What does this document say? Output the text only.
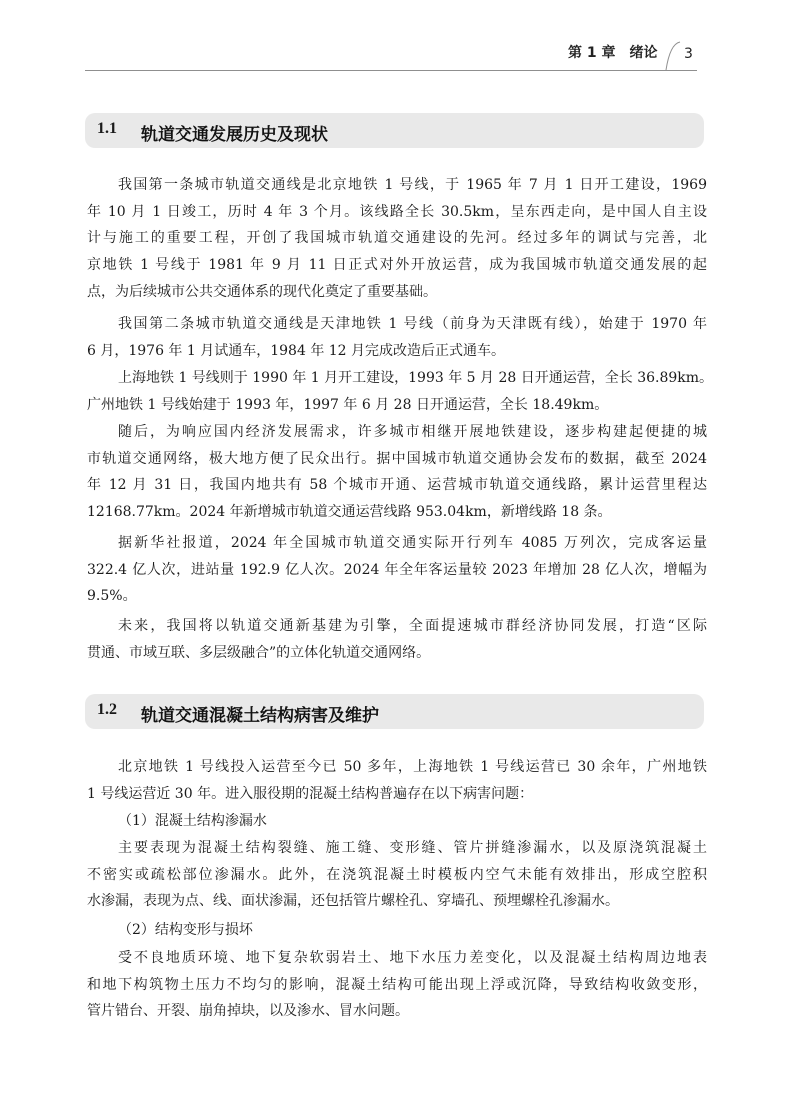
第 1 章　绪论 3
1.1 轨道交通发展历史及现状
我国第一条城市轨道交通线是北京地铁 1 号线，于 1965 年 7 月 1 日开工建设，1969
年 10 月 1 日竣工，历时 4 年 3 个月。该线路全长 30.5km，呈东西走向，是中国人自主设
计与施工的重要工程，开创了我国城市轨道交通建设的先河。经过多年的调试与完善，北
京地铁 1 号线于 1981 年 9 月 11 日正式对外开放运营，成为我国城市轨道交通发展的起
点，为后续城市公共交通体系的现代化奠定了重要基础。
我国第二条城市轨道交通线是天津地铁 1 号线（前身为天津既有线），始建于 1970 年
6 月，1976 年 1 月试通车，1984 年 12 月完成改造后正式通车。
上海地铁 1 号线则于 1990 年 1 月开工建设，1993 年 5 月 28 日开通运营，全长 36.89km。
广州地铁 1 号线始建于 1993 年，1997 年 6 月 28 日开通运营，全长 18.49km。
随后，为响应国内经济发展需求，许多城市相继开展地铁建设，逐步构建起便捷的城
市轨道交通网络，极大地方便了民众出行。据中国城市轨道交通协会发布的数据，截至 2024
年 12 月 31 日，我国内地共有 58 个城市开通、运营城市轨道交通线路，累计运营里程达
12168.77km。2024 年新增城市轨道交通运营线路 953.04km，新增线路 18 条。
据新华社报道，2024 年全国城市轨道交通实际开行列车 4085 万列次，完成客运量
322.4 亿人次，进站量 192.9 亿人次。2024 年全年客运量较 2023 年增加 28 亿人次，增幅为
9.5%。
未来，我国将以轨道交通新基建为引擎，全面提速城市群经济协同发展，打造“区际
贯通、市域互联、多层级融合”的立体化轨道交通网络。
1.2 轨道交通混凝土结构病害及维护
北京地铁 1 号线投入运营至今已 50 多年，上海地铁 1 号线运营已 30 余年，广州地铁
1 号线运营近 30 年。进入服役期的混凝土结构普遍存在以下病害问题：
（1）混凝土结构渗漏水
主要表现为混凝土结构裂缝、施工缝、变形缝、管片拼缝渗漏水，以及原浇筑混凝土
不密实或疏松部位渗漏水。此外，在浇筑混凝土时模板内空气未能有效排出，形成空腔积
水渗漏，表现为点、线、面状渗漏，还包括管片螺栓孔、穿墙孔、预埋螺栓孔渗漏水。
（2）结构变形与损坏
受不良地质环境、地下复杂软弱岩土、地下水压力差变化，以及混凝土结构周边地表
和地下构筑物土压力不均匀的影响，混凝土结构可能出现上浮或沉降，导致结构收敛变形，
管片错台、开裂、崩角掉块，以及渗水、冒水问题。
